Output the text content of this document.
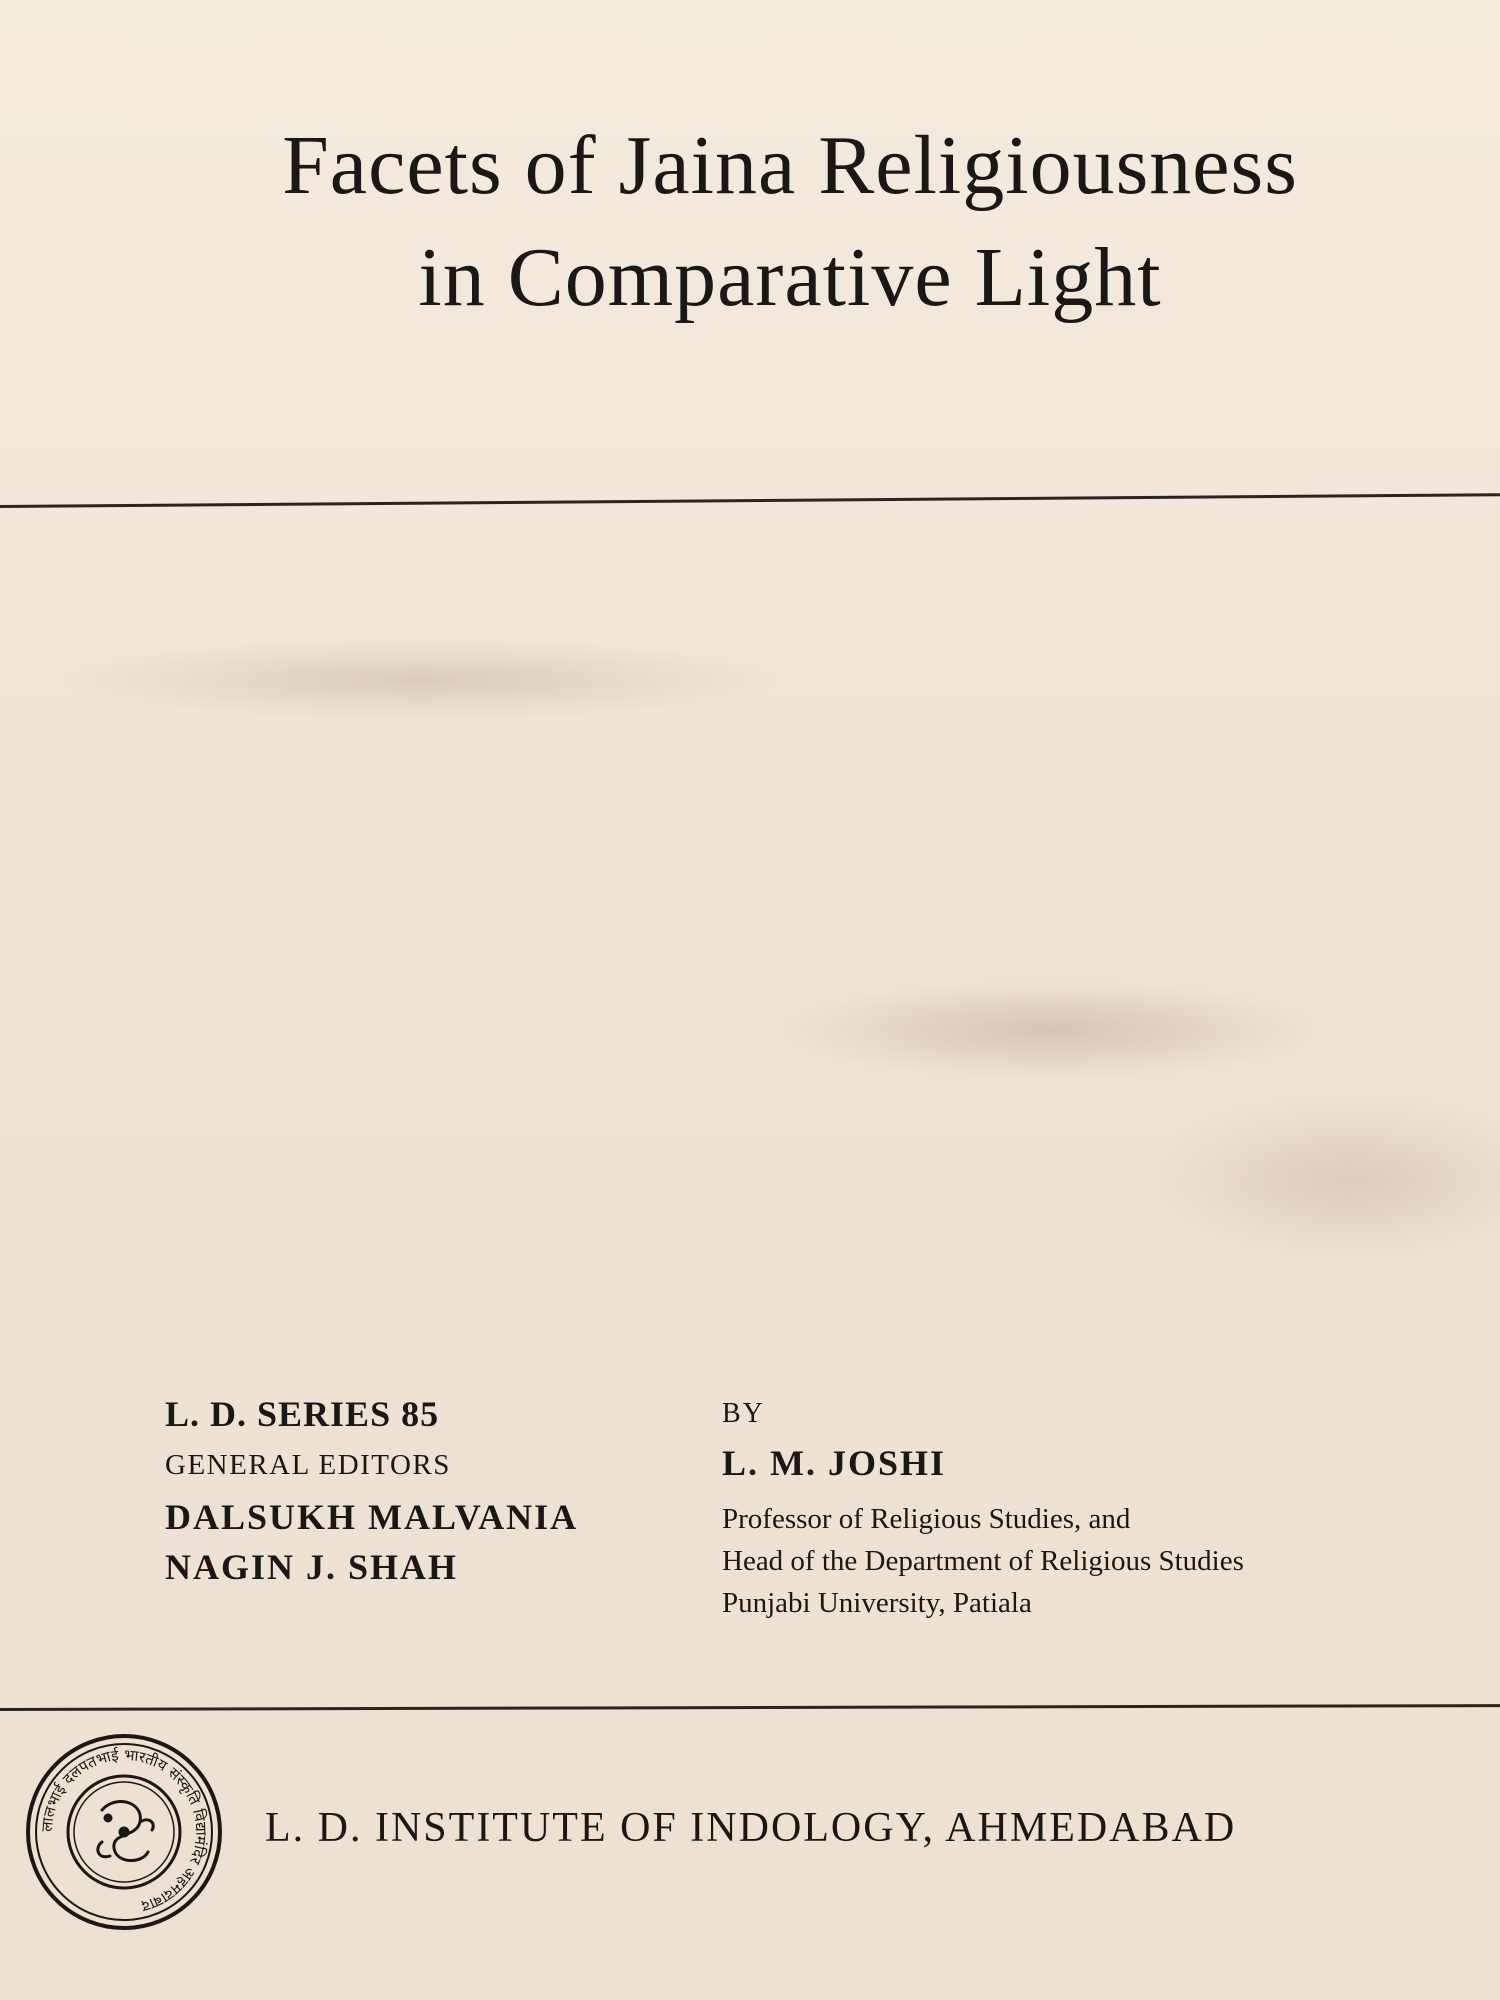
Facets of Jaina Religiousness
in Comparative Light
L. D. SERIES 85
GENERAL EDITORS
DALSUKH MALVANIA
NAGIN J. SHAH
BY
L. M. JOSHI
Professor of Religious Studies, and
Head of the Department of Religious Studies
Punjabi University, Patiala
लालभाई दलपतभाई भारतीय संस्कृति विद्यामंदिर अहमदाबाद
L. D. INSTITUTE OF INDOLOGY, AHMEDABAD
